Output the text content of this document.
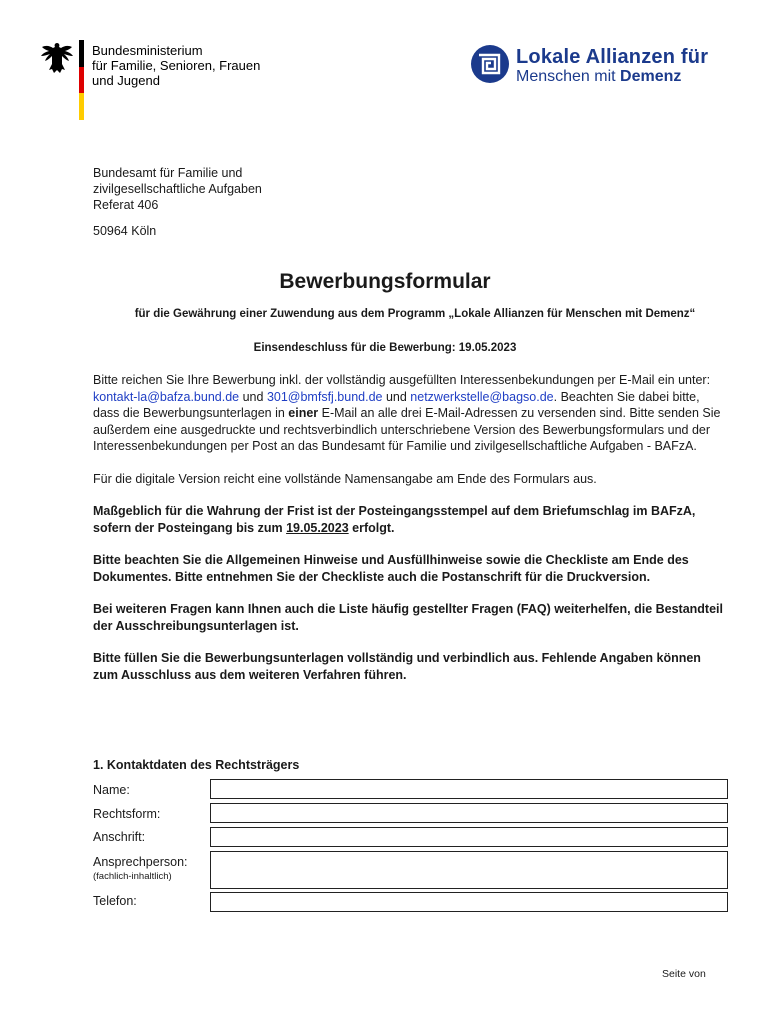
Bundesministerium
für Familie, Senioren, Frauen
und Jugend
Lokale Allianzen für
Menschen mit Demenz
Bundesamt für Familie und
zivilgesellschaftliche Aufgaben
Referat 406
50964 Köln
Bewerbungsformular
für die Gewährung einer Zuwendung aus dem Programm „Lokale Allianzen für Menschen mit Demenz“
Einsendeschluss für die Bewerbung: 19.05.2023

Bitte reichen Sie Ihre Bewerbung inkl. der vollständig ausgefüllten Interessenbekundungen per E-Mail ein unter: kontakt-la@bafza.bund.de und 301@bmfsfj.bund.de und netzwerkstelle@bagso.de. Beachten Sie dabei bitte, dass die Bewerbungsunterlagen in einer E-Mail an alle drei E-Mail-Adressen zu versenden sind. Bitte senden Sie außerdem eine ausgedruckte und rechtsverbindlich unterschriebene Version des Bewerbungsformulars und der Interessenbekundungen per Post an das Bundesamt für Familie und zivilgesellschaftliche Aufgaben - BAFzA.

Für die digitale Version reicht eine vollstände Namensangabe am Ende des Formulars aus.

Maßgeblich für die Wahrung der Frist ist der Posteingangsstempel auf dem Briefumschlag im BAFzA, sofern der Posteingang bis zum 19.05.2023 erfolgt.

Bitte beachten Sie die Allgemeinen Hinweise und Ausfüllhinweise sowie die Checkliste am Ende des Dokumentes. Bitte entnehmen Sie der Checkliste auch die Postanschrift für die Druckversion.

Bei weiteren Fragen kann Ihnen auch die Liste häufig gestellter Fragen (FAQ) weiterhelfen, die Bestandteil der Ausschreibungsunterlagen ist.

Bitte füllen Sie die Bewerbungsunterlagen vollständig und verbindlich aus. Fehlende Angaben können zum Ausschluss aus dem weiteren Verfahren führen.

1. Kontaktdaten des Rechtsträgers
Name:
Rechtsform:
Anschrift:
Ansprechperson:
(fachlich-inhaltlich)
Telefon:
Seite von
